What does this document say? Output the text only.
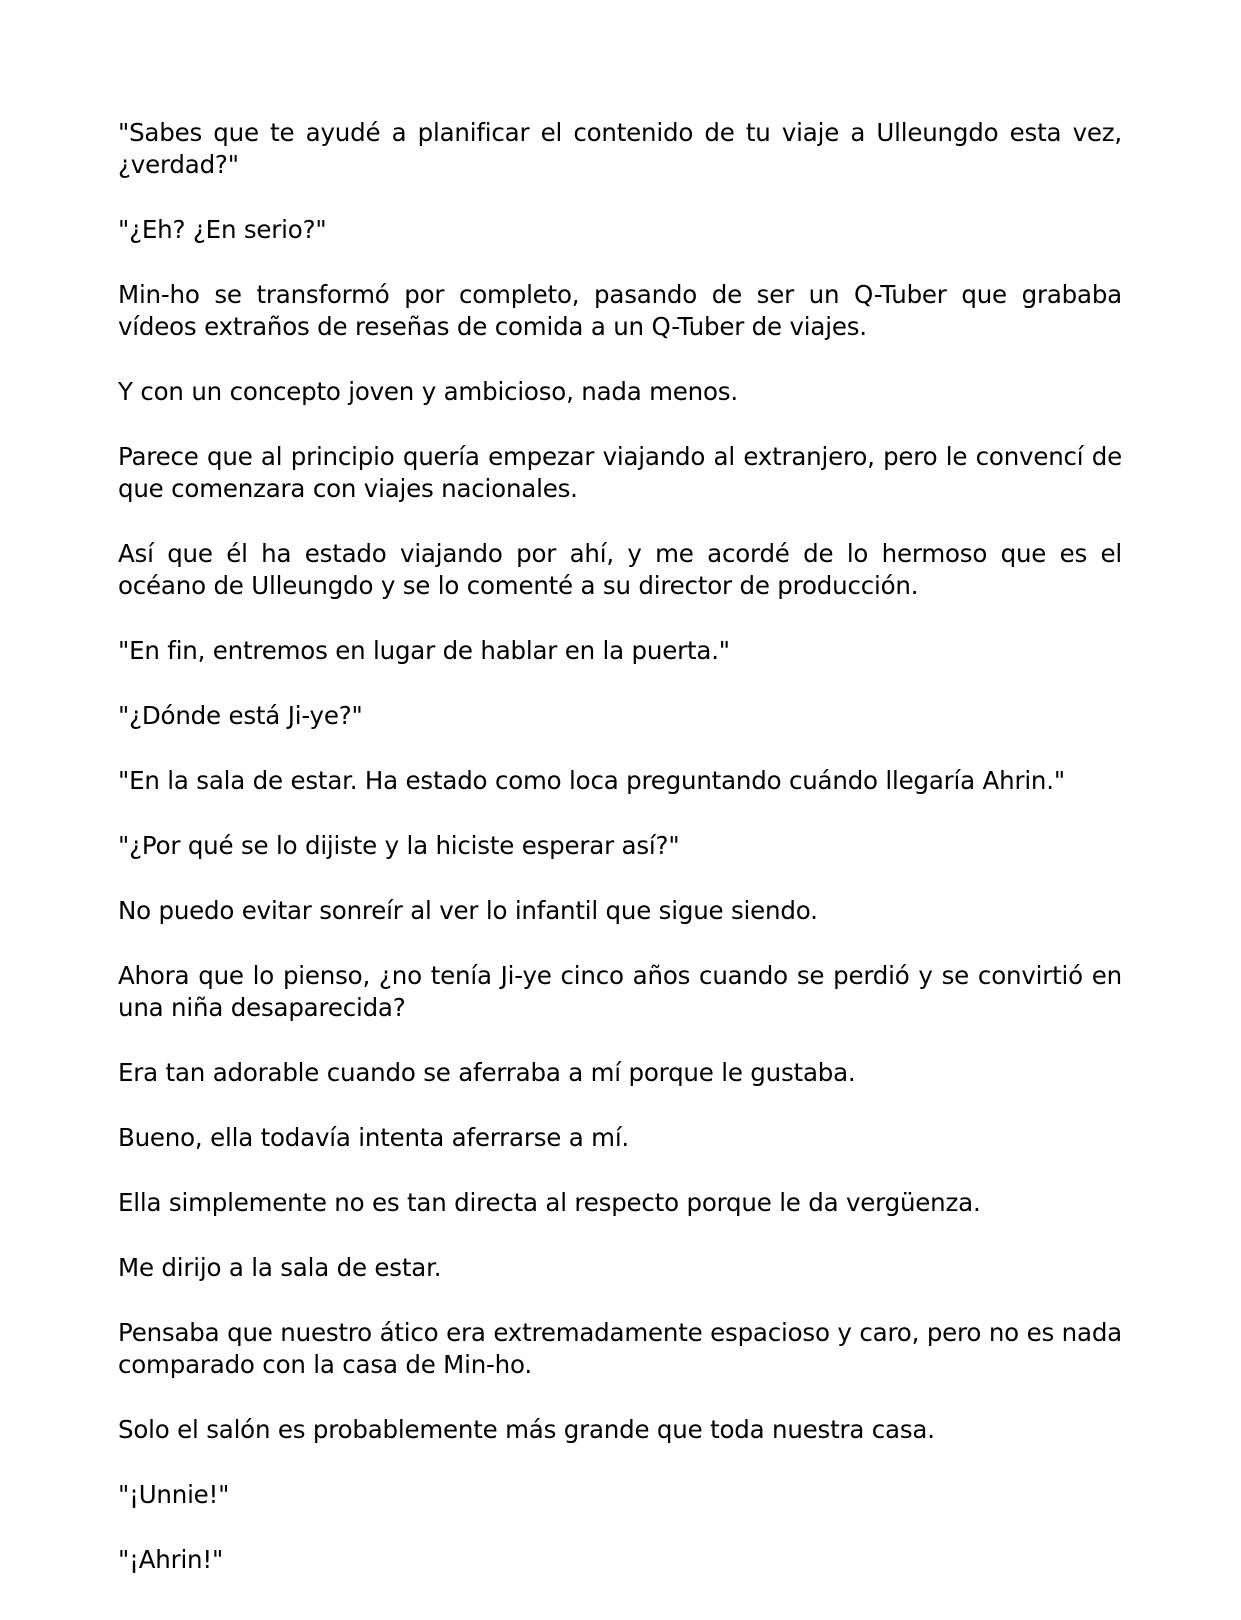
"Sabes que te ayudé a planificar el contenido de tu viaje a Ulleungdo esta vez, ¿verdad?"

"¿Eh? ¿En serio?"

Min-ho se transformó por completo, pasando de ser un Q-Tuber que grababa vídeos extraños de reseñas de comida a un Q-Tuber de viajes.

Y con un concepto joven y ambicioso, nada menos.

Parece que al principio quería empezar viajando al extranjero, pero le convencí de que comenzara con viajes nacionales.

Así que él ha estado viajando por ahí, y me acordé de lo hermoso que es el océano de Ulleungdo y se lo comenté a su director de producción.

"En fin, entremos en lugar de hablar en la puerta."

"¿Dónde está Ji-ye?"

"En la sala de estar. Ha estado como loca preguntando cuándo llegaría Ahrin."

"¿Por qué se lo dijiste y la hiciste esperar así?"

No puedo evitar sonreír al ver lo infantil que sigue siendo.

Ahora que lo pienso, ¿no tenía Ji-ye cinco años cuando se perdió y se convirtió en una niña desaparecida?

Era tan adorable cuando se aferraba a mí porque le gustaba.

Bueno, ella todavía intenta aferrarse a mí.

Ella simplemente no es tan directa al respecto porque le da vergüenza.

Me dirijo a la sala de estar.

Pensaba que nuestro ático era extremadamente espacioso y caro, pero no es nada comparado con la casa de Min-ho.

Solo el salón es probablemente más grande que toda nuestra casa.

"¡Unnie!"

"¡Ahrin!"
